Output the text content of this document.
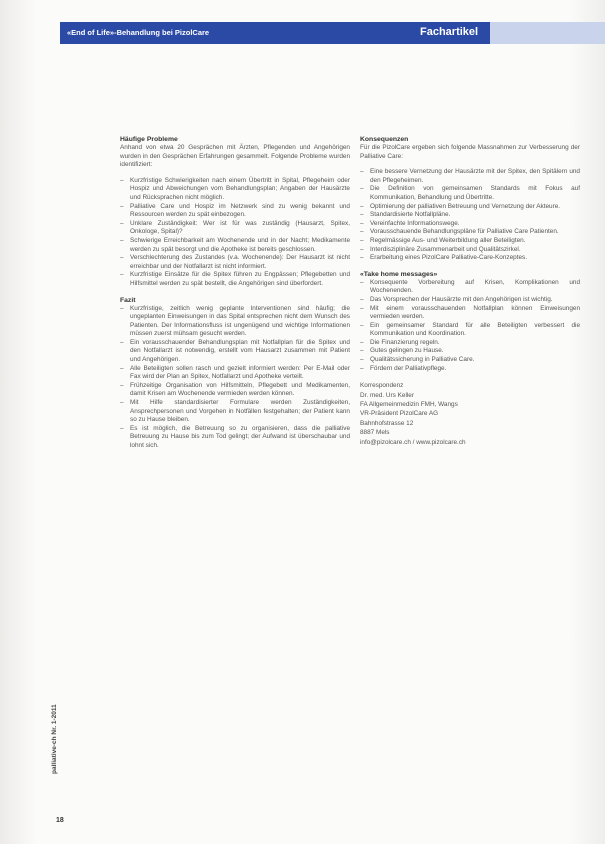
«End of Life»-Behandlung bei PizolCare	Fachartikel
Häufige Probleme

Anhand von etwa 20 Gesprächen mit Ärzten, Pflegenden und Angehörigen wurden in den Gesprächen Erfahrungen gesammelt. Folgende Probleme wurden identifiziert:

– Kurzfristige Schwierigkeiten nach einem Übertritt in Spital, Pflegeheim oder Hospiz und Abweichungen vom Behandlungsplan; Angaben der Hausärzte und Rücksprachen nicht möglich.
– Palliative Care und Hospiz im Netzwerk sind zu wenig bekannt und Ressourcen werden zu spät einbezogen.
– Unklare Zuständigkeit: Wer ist für was zuständig (Hausarzt, Spitex, Onkologe, Spital)?
– Schwierige Erreichbarkeit am Wochenende und in der Nacht; Medikamente werden zu spät besorgt und die Apotheke ist bereits geschlossen.
– Verschlechterung des Zustandes (v.a. Wochenende): Der Hausarzt ist nicht erreichbar und der Notfallarzt ist nicht informiert.
– Kurzfristige Einsätze für die Spitex führen zu Engpässen; Pflegebetten und Hilfsmittel werden zu spät bestellt, die Angehörigen sind überfordert.
Fazit
– Kurzfristige, zeitlich wenig geplante Interventionen sind häufig; die ungeplanten Einweisungen in das Spital entsprechen nicht dem Wunsch des Patienten. Der Informationsfluss ist ungenügend und wichtige Informationen müssen zuerst mühsam gesucht werden.
– Ein vorausschauender Behandlungsplan mit Notfallplan für die Spitex und den Notfallarzt ist notwendig, erstellt vom Hausarzt zusammen mit Patient und Angehörigen.
– Alle Beteiligten sollen rasch und gezielt informiert werden: Per E-Mail oder Fax wird der Plan an Spitex, Notfallarzt und Apotheke verteilt.
– Frühzeitige Organisation von Hilfsmitteln, Pflegebett und Medikamenten, damit Krisen am Wochenende vermieden werden können.
– Mit Hilfe standardisierter Formulare werden Zuständigkeiten, Ansprechpersonen und Vorgehen in Notfällen festgehalten; der Patient kann so zu Hause bleiben.
– Es ist möglich, die Betreuung so zu organisieren, dass die palliative Betreuung zu Hause bis zum Tod gelingt; der Aufwand ist überschaubar und lohnt sich.
Konsequenzen

Für die PizolCare ergeben sich folgende Massnahmen zur Verbesserung der Palliative Care:

– Eine bessere Vernetzung der Hausärzte mit der Spitex, den Spitälern und den Pflegeheimen.
– Die Definition von gemeinsamen Standards mit Fokus auf Kommunikation, Behandlung und Übertritte.
– Optimierung der palliativen Betreuung und Vernetzung der Akteure.
– Standardisierte Notfallpläne.
– Vereinfachte Informationswege.
– Vorausschauende Behandlungspläne für Palliative Care Patienten.
– Regelmässige Aus- und Weiterbildung aller Beteiligten.
– Interdisziplinäre Zusammenarbeit und Qualitätszirkel.
– Erarbeitung eines PizolCare Palliative-Care-Konzeptes.
«Take home messages»
– Konsequente Vorbereitung auf Krisen, Komplikationen und Wochenenden.
– Das Vorsprechen der Hausärzte mit den Angehörigen ist wichtig.
– Mit einem vorausschauenden Notfallplan können Einweisungen vermieden werden.
– Ein gemeinsamer Standard für alle Beteiligten verbessert die Kommunikation und Koordination.
– Die Finanzierung regeln.
– Gutes gelingen zu Hause.
– Qualitätssicherung in Palliative Care.
– Fördern der Palliativpflege.
Korrespondenz
Dr. med. Urs Keller
FA Allgemeinmedizin FMH, Wangs
VR-Präsident PizolCare AG
Bahnhofstrasse 12
8887 Mels
info@pizolcare.ch / www.pizolcare.ch
palliative-ch Nr. 1-2011
18
